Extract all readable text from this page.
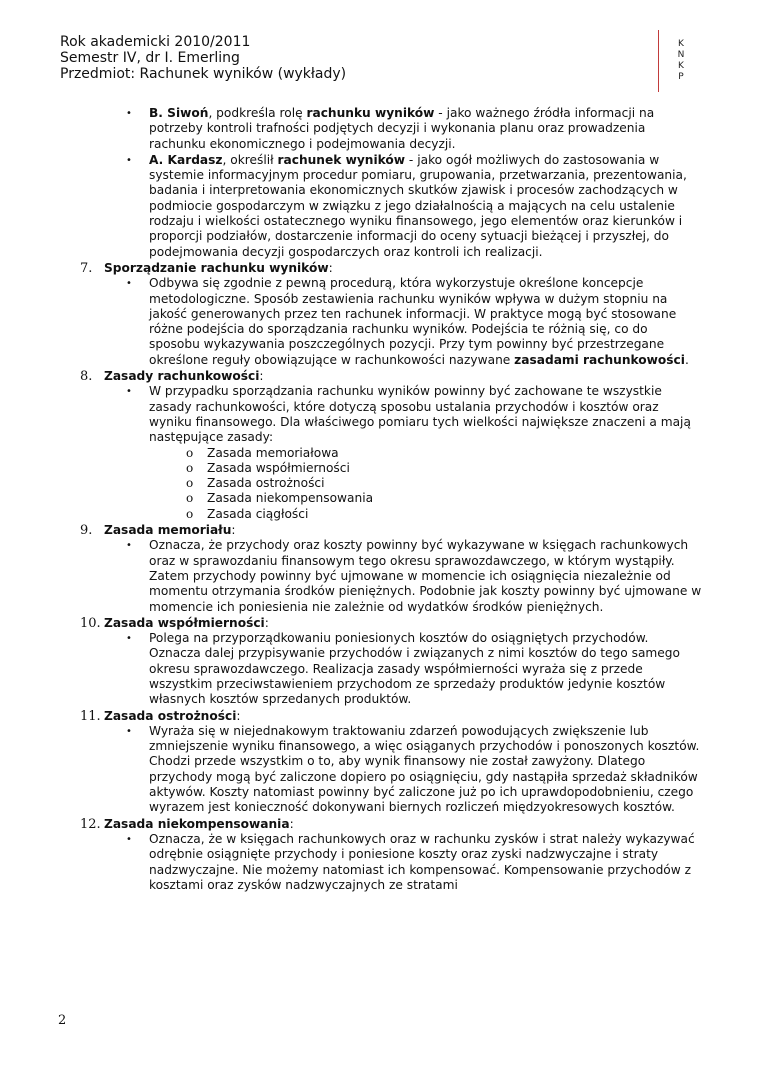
Rok akademicki 2010/2011
Semestr IV, dr I. Emerling
Przedmiot: Rachunek wyników (wykłady)
K
N
K
P
• B. Siwoń, podkreśla rolę rachunku wyników - jako ważnego źródła informacji na potrzeby kontroli trafności podjętych decyzji i wykonania planu oraz prowadzenia rachunku ekonomicznego i podejmowania decyzji.
• A. Kardasz, określił rachunek wyników - jako ogół możliwych do zastosowania w systemie informacyjnym procedur pomiaru, grupowania, przetwarzania, prezentowania, badania i interpretowania ekonomicznych skutków zjawisk i procesów zachodzących w podmiocie gospodarczym w związku z jego działalnością a mających na celu ustalenie rodzaju i wielkości ostatecznego wyniku finansowego, jego elementów oraz kierunków i proporcji podziałów, dostarczenie informacji do oceny sytuacji bieżącej i przyszłej, do podejmowania decyzji gospodarczych oraz kontroli ich realizacji.
7. Sporządzanie rachunku wyników:
• Odbywa się zgodnie z pewną procedurą, która wykorzystuje określone koncepcje metodologiczne. Sposób zestawienia rachunku wyników wpływa w dużym stopniu na jakość generowanych przez ten rachunek informacji. W praktyce mogą być stosowane różne podejścia do sporządzania rachunku wyników. Podejścia te różnią się, co do sposobu wykazywania poszczególnych pozycji. Przy tym powinny być przestrzegane określone reguły obowiązujące w rachunkowości nazywane zasadami rachunkowości.
8. Zasady rachunkowości:
• W przypadku sporządzania rachunku wyników powinny być zachowane te wszystkie zasady rachunkowości, które dotyczą sposobu ustalania przychodów i kosztów oraz wyniku finansowego. Dla właściwego pomiaru tych wielkości największe znaczeni a mają następujące zasady:
o Zasada memoriałowa
o Zasada współmierności
o Zasada ostrożności
o Zasada niekompensowania
o Zasada ciągłości
9. Zasada memoriału:
• Oznacza, że przychody oraz koszty powinny być wykazywane w księgach rachunkowych oraz w sprawozdaniu finansowym tego okresu sprawozdawczego, w którym wystąpiły. Zatem przychody powinny być ujmowane w momencie ich osiągnięcia niezależnie od momentu otrzymania środków pieniężnych. Podobnie jak koszty powinny być ujmowane w momencie ich poniesienia nie zależnie od wydatków środków pieniężnych.
10. Zasada współmierności:
• Polega na przyporządkowaniu poniesionych kosztów do osiągniętych przychodów. Oznacza dalej przypisywanie przychodów i związanych z nimi kosztów do tego samego okresu sprawozdawczego. Realizacja zasady współmierności wyraża się z przede wszystkim przeciwstawieniem przychodom ze sprzedaży produktów jedynie kosztów własnych kosztów sprzedanych produktów.
11. Zasada ostrożności:
• Wyraża się w niejednakowym traktowaniu zdarzeń powodujących zwiększenie lub zmniejszenie wyniku finansowego, a więc osiąganych przychodów i ponoszonych kosztów. Chodzi przede wszystkim o to, aby wynik finansowy nie został zawyżony. Dlatego przychody mogą być zaliczone dopiero po osiągnięciu, gdy nastąpiła sprzedaż składników aktywów. Koszty natomiast powinny być zaliczone już po ich uprawdopodobnieniu, czego wyrazem jest konieczność dokonywani biernych rozliczeń międzyokresowych kosztów.
12. Zasada niekompensowania:
• Oznacza, że w księgach rachunkowych oraz w rachunku zysków i strat należy wykazywać odrębnie osiągnięte przychody i poniesione koszty oraz zyski nadzwyczajne i straty nadzwyczajne. Nie możemy natomiast ich kompensować. Kompensowanie przychodów z kosztami oraz zysków nadzwyczajnych ze stratami
2
